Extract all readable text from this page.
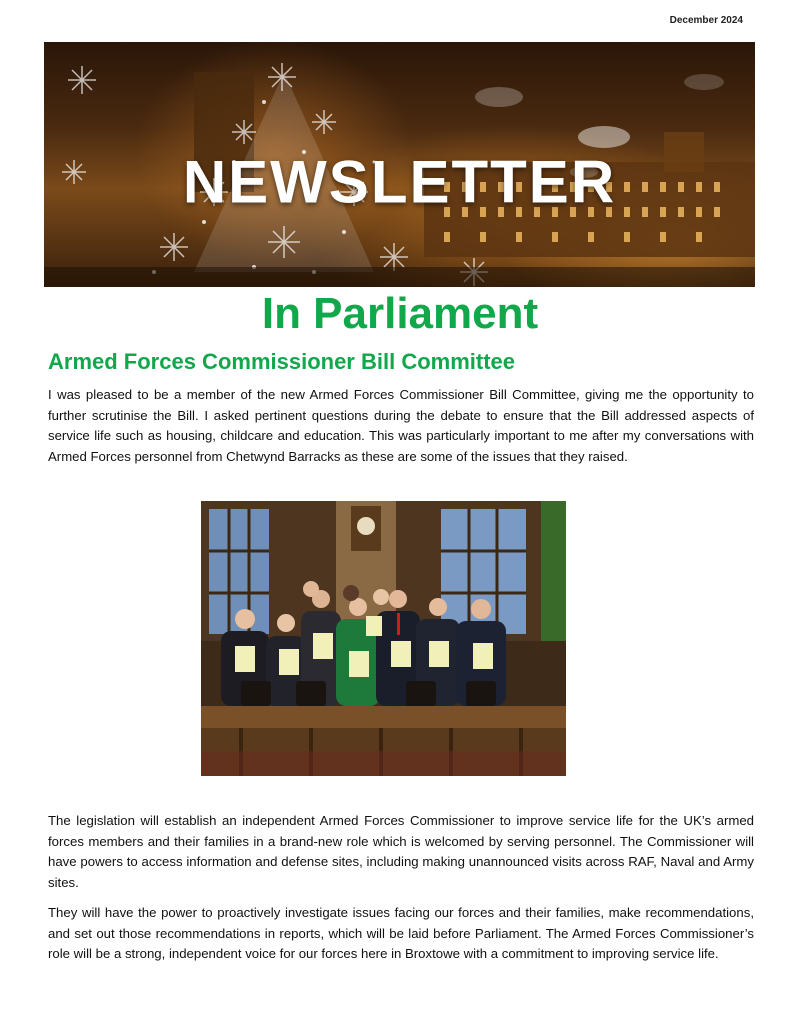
December 2024
NEWSLETTER
In Parliament
Armed Forces Commissioner Bill Committee

I was pleased to be a member of the new Armed Forces Commissioner Bill Committee, giving me the opportunity to further scrutinise the Bill. I asked pertinent questions during the debate to ensure that the Bill addressed aspects of service life such as housing, childcare and education. This was particularly important to me after my conversations with Armed Forces personnel from Chetwynd Barracks as these are some of the issues that they raised.

The legislation will establish an independent Armed Forces Commissioner to improve service life for the UK’s armed forces members and their families in a brand-new role which is welcomed by serving personnel. The Commissioner will have powers to access information and defense sites, including making unannounced visits across RAF, Naval and Army sites.

They will have the power to proactively investigate issues facing our forces and their families, make recommendations, and set out those recommendations in reports, which will be laid before Parliament. The Armed Forces Commissioner’s role will be a strong, independent voice for our forces here in Broxtowe with a commitment to improving service life.
